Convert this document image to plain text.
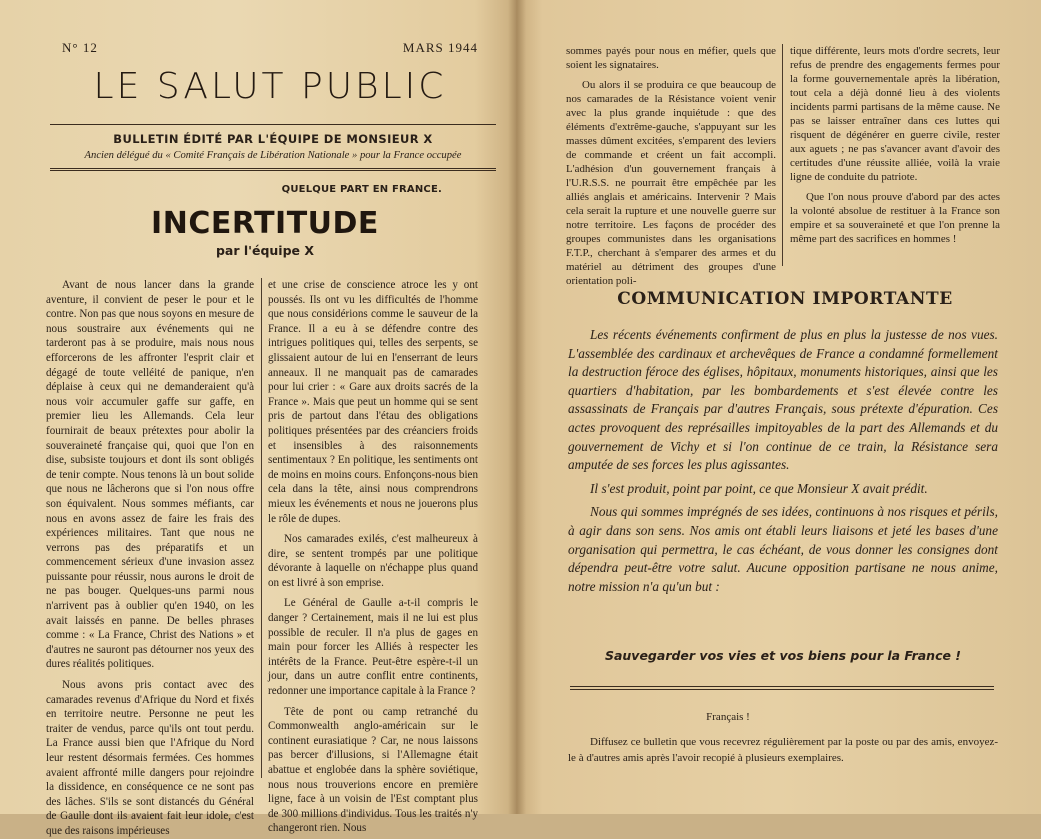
N° 12	MARS 1944
LE SALUT PUBLIC
BULLETIN ÉDITÉ PAR L'ÉQUIPE DE MONSIEUR X
Ancien délégué du « Comité Français de Libération Nationale » pour la France occupée
QUELQUE PART EN FRANCE.
INCERTITUDE
par l'équipe X

Avant de nous lancer dans la grande aventure, il convient de peser le pour et le contre. Non pas que nous soyons en mesure de nous soustraire aux événements qui ne tarderont pas à se produire, mais nous nous efforcerons de les affronter l'esprit clair et dégagé de toute velléité de panique, n'en déplaise à ceux qui ne demanderaient qu'à nous voir accumuler gaffe sur gaffe, en premier lieu les Allemands. Cela leur fournirait de beaux prétextes pour abolir la souveraineté française qui, quoi que l'on en dise, subsiste toujours et dont ils sont obligés de tenir compte. Nous tenons là un bout solide que nous ne lâcherons que si l'on nous offre son équivalent. Nous sommes méfiants, car nous en avons assez de faire les frais des expériences militaires. Tant que nous ne verrons pas des préparatifs et un commencement sérieux d'une invasion assez puissante pour réussir, nous aurons le droit de ne pas bouger. Quelques-uns parmi nous n'arrivent pas à oublier qu'en 1940, on les avait laissés en panne. De belles phrases comme : « La France, Christ des Nations » et d'autres ne sauront pas détourner nos yeux des dures réalités politiques.

Nous avons pris contact avec des camarades revenus d'Afrique du Nord et fixés en territoire neutre. Personne ne peut les traiter de vendus, parce qu'ils ont tout perdu. La France aussi bien que l'Afrique du Nord leur restent désormais fermées. Ces hommes avaient affronté mille dangers pour rejoindre la dissidence, en conséquence ce ne sont pas des lâches. S'ils se sont distancés du Général de Gaulle dont ils avaient fait leur idole, c'est que des raisons impérieuses

et une crise de conscience atroce les y ont poussés. Ils ont vu les difficultés de l'homme que nous considérions comme le sauveur de la France. Il a eu à se défendre contre des intrigues politiques qui, telles des serpents, se glissaient autour de lui en l'enserrant de leurs anneaux. Il ne manquait pas de camarades pour lui crier : « Gare aux droits sacrés de la France ». Mais que peut un homme qui se sent pris de partout dans l'étau des obligations politiques présentées par des créanciers froids et insensibles à des raisonnements sentimentaux ? En politique, les sentiments ont de moins en moins cours. Enfonçons-nous bien cela dans la tête, ainsi nous comprendrons mieux les événements et nous ne jouerons plus le rôle de dupes.

Nos camarades exilés, c'est malheureux à dire, se sentent trompés par une politique dévorante à laquelle on n'échappe plus quand on est livré à son emprise.

Le Général de Gaulle a-t-il compris le danger ? Certainement, mais il ne lui est plus possible de reculer. Il n'a plus de gages en main pour forcer les Alliés à respecter les intérêts de la France. Peut-être espère-t-il un jour, dans un autre conflit entre continents, redonner une importance capitale à la France ?

Tête de pont ou camp retranché du Commonwealth anglo-américain sur le continent eurasiatique ? Car, ne nous laissons pas bercer d'illusions, si l'Allemagne était abattue et englobée dans la sphère soviétique, nous nous trouverions encore en première ligne, face à un voisin de l'Est comptant plus de 300 millions d'individus. Tous les traités n'y changeront rien. Nous

sommes payés pour nous en méfier, quels que soient les signataires.

Ou alors il se produira ce que beaucoup de nos camarades de la Résistance voient venir avec la plus grande inquiétude : que des éléments d'extrême-gauche, s'appuyant sur les masses dûment excitées, s'emparent des leviers de commande et créent un fait accompli. L'adhésion d'un gouvernement français à l'U.R.S.S. ne pourrait être empêchée par les alliés anglais et américains. Intervenir ? Mais cela serait la rupture et une nouvelle guerre sur notre territoire. Les façons de procéder des groupes communistes dans les organisations F.T.P., cherchant à s'emparer des armes et du matériel au détriment des groupes d'une orientation poli-

tique différente, leurs mots d'ordre secrets, leur refus de prendre des engagements fermes pour la forme gouvernementale après la libération, tout cela a déjà donné lieu à des violents incidents parmi partisans de la même cause. Ne pas se laisser entraîner dans ces luttes qui risquent de dégénérer en guerre civile, rester aux aguets ; ne pas s'avancer avant d'avoir des certitudes d'une réussite alliée, voilà la vraie ligne de conduite du patriote.

Que l'on nous prouve d'abord par des actes la volonté absolue de restituer à la France son empire et sa souveraineté et que l'on prenne la même part des sacrifices en hommes !

COMMUNICATION IMPORTANTE

Les récents événements confirment de plus en plus la justesse de nos vues. L'assemblée des cardinaux et archevêques de France a condamné formellement la destruction féroce des églises, hôpitaux, monuments historiques, ainsi que les quartiers d'habitation, par les bombardements et s'est élevée contre les assassinats de Français par d'autres Français, sous prétexte d'épuration. Ces actes provoquent des représailles impitoyables de la part des Allemands et du gouvernement de Vichy et si l'on continue de ce train, la Résistance sera amputée de ses forces les plus agissantes.

Il s'est produit, point par point, ce que Monsieur X avait prédit.

Nous qui sommes imprégnés de ses idées, continuons à nos risques et périls, à agir dans son sens. Nos amis ont établi leurs liaisons et jeté les bases d'une organisation qui permettra, le cas échéant, de vous donner les consignes dont dépendra peut-être votre salut. Aucune opposition partisane ne nous anime, notre mission n'a qu'un but :

Sauvegarder vos vies et vos biens pour la France !
Français !

Diffusez ce bulletin que vous recevrez régulièrement par la poste ou par des amis, envoyez-le à d'autres amis après l'avoir recopié à plusieurs exemplaires.
